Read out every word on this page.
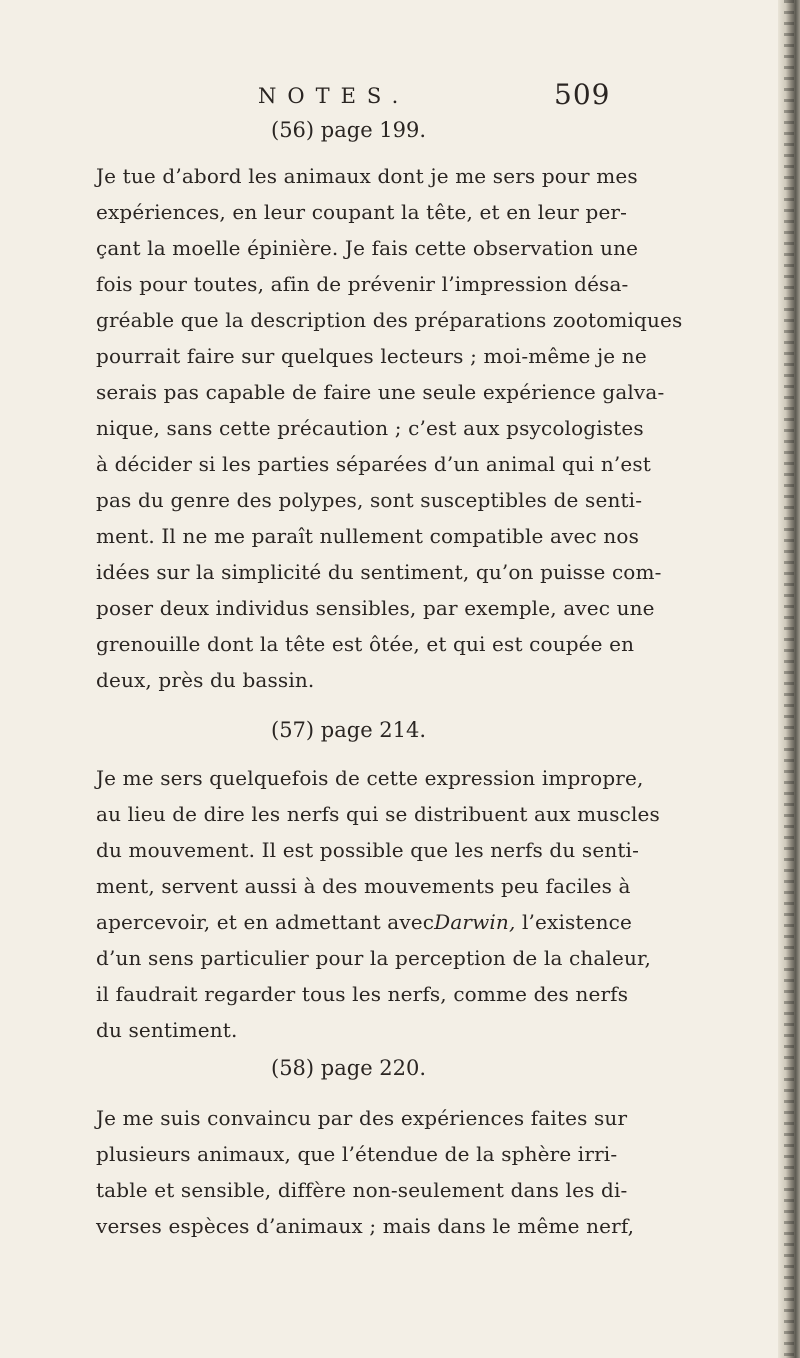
NOTES.	509
(56) page 199.
Je tue d’abord les animaux dont je me sers pour mes
expériences, en leur coupant la tête, et en leur per-
çant la moelle épinière. Je fais cette observation une
fois pour toutes, afin de prévenir l’impression désa-
gréable que la description des préparations zootomiques
pourrait faire sur quelques lecteurs ; moi-même je ne
serais pas capable de faire une seule expérience galva-
nique, sans cette précaution ; c’est aux psycologistes
à décider si les parties séparées d’un animal qui n’est
pas du genre des polypes, sont susceptibles de senti-
ment. Il ne me paraît nullement compatible avec nos
idées sur la simplicité du sentiment, qu’on puisse com-
poser deux individus sensibles, par exemple, avec une
grenouille dont la tête est ôtée, et qui est coupée en
deux, près du bassin.
(57) page 214.
Je me sers quelquefois de cette expression impropre,
au lieu de dire les nerfs qui se distribuent aux muscles
du mouvement. Il est possible que les nerfs du senti-
ment, servent aussi à des mouvements peu faciles à
apercevoir, et en admettant avec Darwin, l’existence
d’un sens particulier pour la perception de la chaleur,
il faudrait regarder tous les nerfs, comme des nerfs
du sentiment.
(58) page 220.
Je me suis convaincu par des expériences faites sur
plusieurs animaux, que l’étendue de la sphère irri-
table et sensible, diffère non-seulement dans les di-
verses espèces d’animaux ; mais dans le même nerf,
